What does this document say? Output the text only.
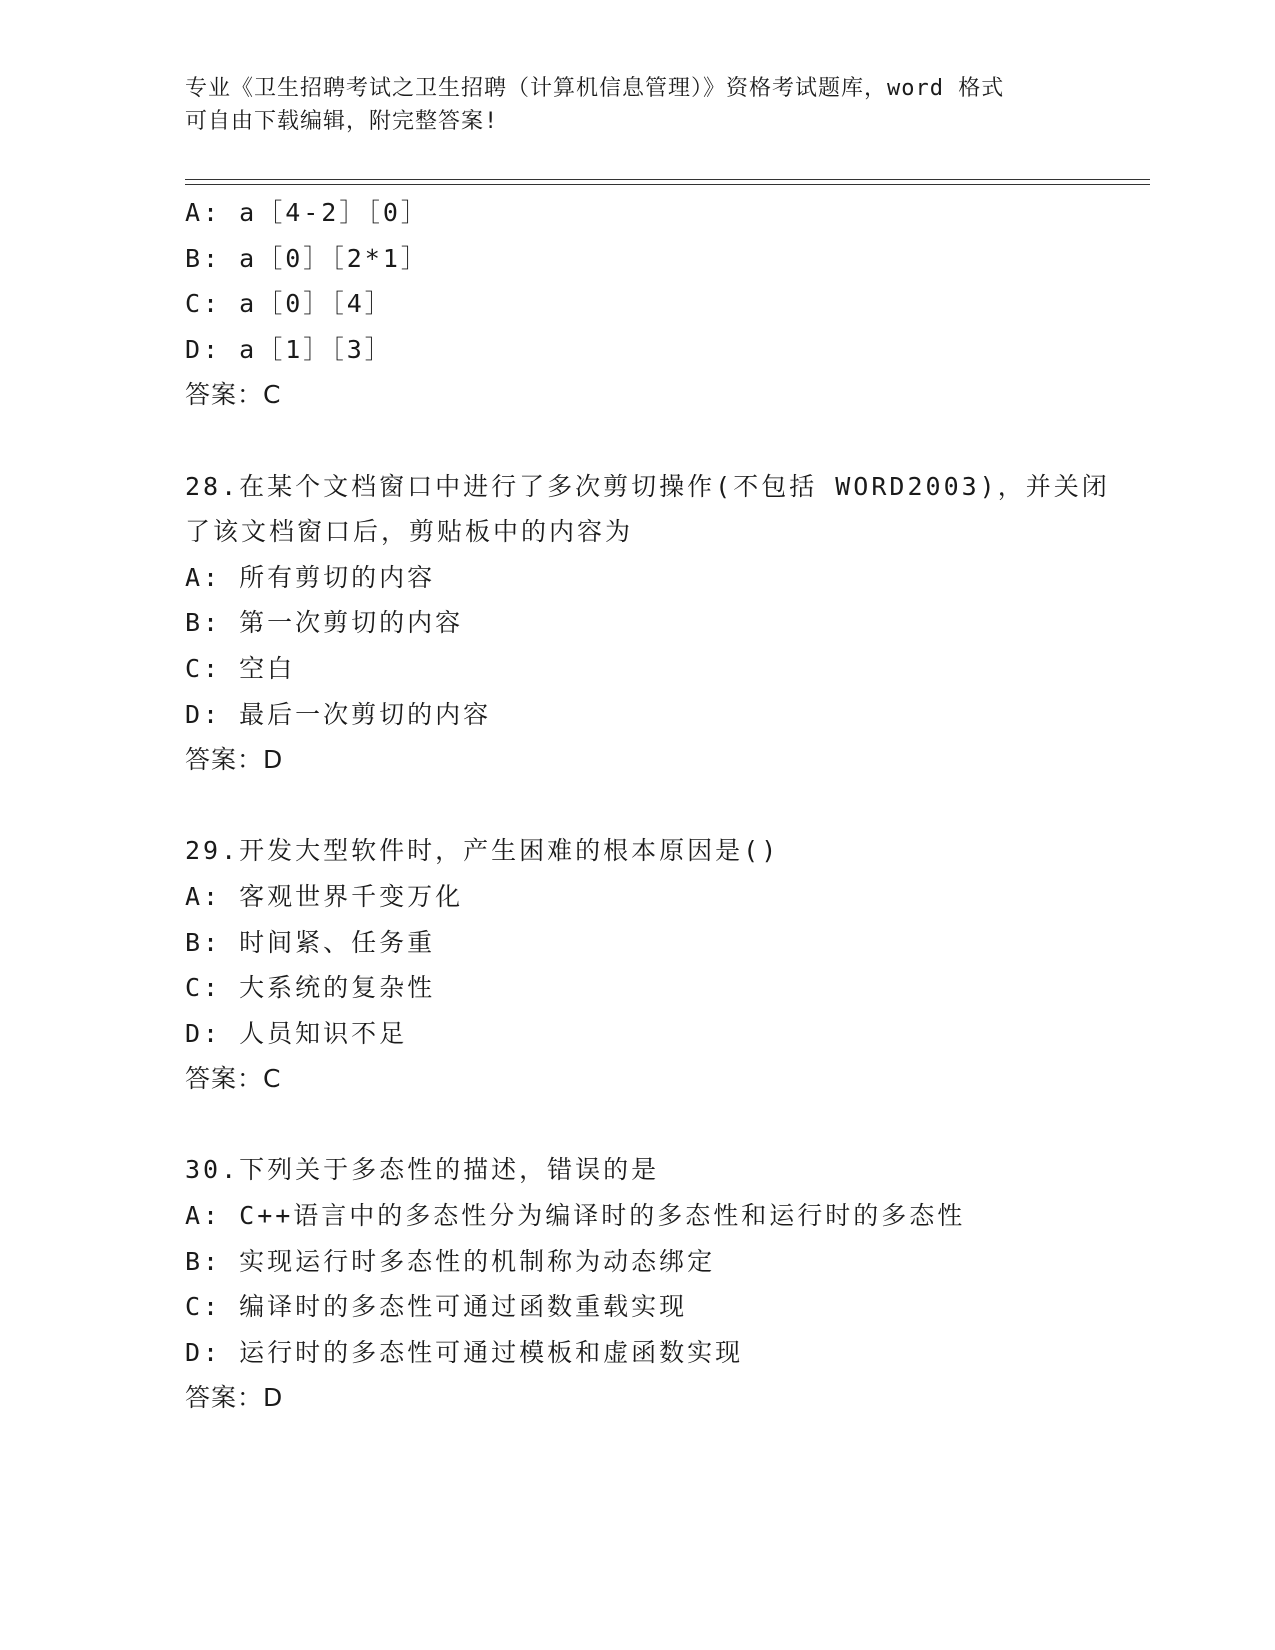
专业《卫生招聘考试之卫生招聘（计算机信息管理）》资格考试题库，word 格式
可自由下载编辑，附完整答案!
A: a［4-2］［0］
B: a［0］［2*1］
C: a［0］［4］
D: a［1］［3］
答案：C
28.在某个文档窗口中进行了多次剪切操作(不包括 WORD2003)，并关闭
了该文档窗口后，剪贴板中的内容为
A: 所有剪切的内容
B: 第一次剪切的内容
C: 空白
D: 最后一次剪切的内容
答案：D
29.开发大型软件时，产生困难的根本原因是()
A: 客观世界千变万化
B: 时间紧、任务重
C: 大系统的复杂性
D: 人员知识不足
答案：C
30.下列关于多态性的描述，错误的是
A: C++语言中的多态性分为编译时的多态性和运行时的多态性
B: 实现运行时多态性的机制称为动态绑定
C: 编译时的多态性可通过函数重载实现
D: 运行时的多态性可通过模板和虚函数实现
答案：D
